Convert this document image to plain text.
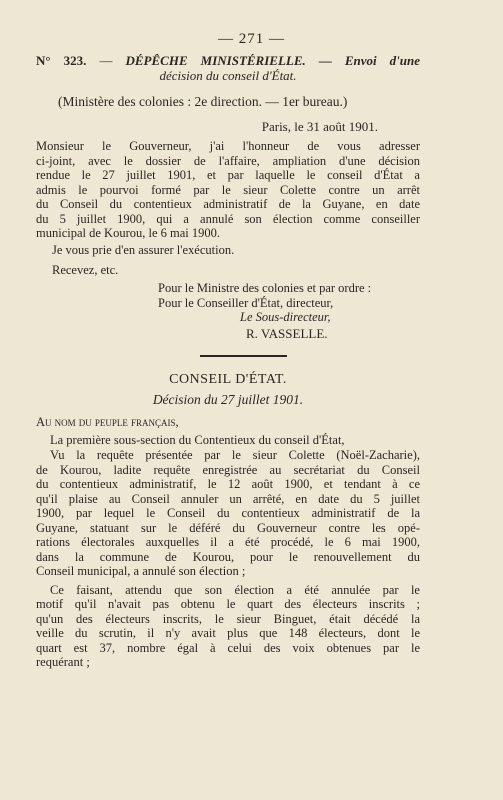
— 271 —

N° 323. — DÉPÊCHE MINISTÉRIELLE. — Envoi d'une

décision du conseil d'État.

(Ministère des colonies : 2e direction. — 1er bureau.)

Paris, le 31 août 1901.

Monsieur le Gouverneur, j'ai l'honneur de vous adresser

ci-joint, avec le dossier de l'affaire, ampliation d'une décision

rendue le 27 juillet 1901, et par laquelle le conseil d'État a

admis le pourvoi formé par le sieur Colette contre un arrêt

du Conseil du contentieux administratif de la Guyane, en date

du 5 juillet 1900, qui a annulé son élection comme conseiller

municipal de Kourou, le 6 mai 1900.

Je vous prie d'en assurer l'exécution.

Recevez, etc.

Pour le Ministre des colonies et par ordre :

Pour le Conseiller d'État, directeur,

Le Sous-directeur,

R. VASSELLE.

CONSEIL D'ÉTAT.

Décision du 27 juillet 1901.

Au nom du peuple français,

La première sous-section du Contentieux du conseil d'État,

Vu la requête présentée par le sieur Colette (Noël-Zacharie),

de Kourou, ladite requête enregistrée au secrétariat du Conseil

du contentieux administratif, le 12 août 1900, et tendant à ce

qu'il plaise au Conseil annuler un arrêté, en date du 5 juillet

1900, par lequel le Conseil du contentieux administratif de la

Guyane, statuant sur le déféré du Gouverneur contre les opé-

rations électorales auxquelles il a été procédé, le 6 mai 1900,

dans la commune de Kourou, pour le renouvellement du

Conseil municipal, a annulé son élection ;

Ce faisant, attendu que son élection a été annulée par le

motif qu'il n'avait pas obtenu le quart des électeurs inscrits ;

qu'un des électeurs inscrits, le sieur Binguet, était décédé la

veille du scrutin, il n'y avait plus que 148 électeurs, dont le

quart est 37, nombre égal à celui des voix obtenues par le

requérant ;
